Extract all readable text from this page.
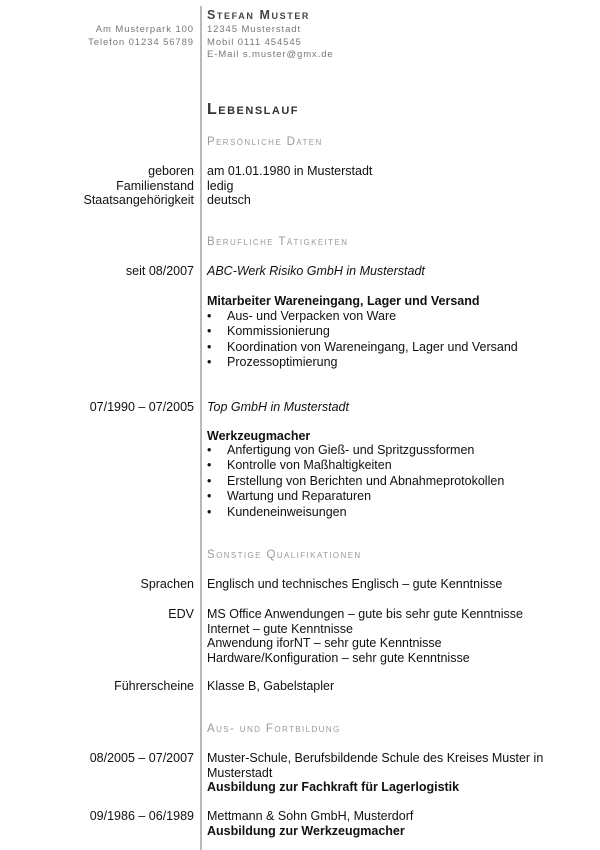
Stefan Muster
Am Musterpark 100
Telefon 01234 56789
12345 Musterstadt
Mobil 0111 454545
E-Mail s.muster@gmx.de
Lebenslauf
Persönliche Daten
geboren am 01.01.1980 in Musterstadt
Familienstand ledig
Staatsangehörigkeit deutsch
Berufliche Tätigkeiten
seit 08/2007 ABC-Werk Risiko GmbH in Musterstadt
Mitarbeiter Wareneingang, Lager und Versand
• Aus- und Verpacken von Ware
• Kommissionierung
• Koordination von Wareneingang, Lager und Versand
• Prozessoptimierung
07/1990 – 07/2005 Top GmbH in Musterstadt
Werkzeugmacher
• Anfertigung von Gieß- und Spritzgussformen
• Kontrolle von Maßhaltigkeiten
• Erstellung von Berichten und Abnahmeprotokollen
• Wartung und Reparaturen
• Kundeneinweisungen
Sonstige Qualifikationen
Sprachen Englisch und technisches Englisch – gute Kenntnisse
EDV MS Office Anwendungen – gute bis sehr gute Kenntnisse
Internet – gute Kenntnisse
Anwendung iforNT – sehr gute Kenntnisse
Hardware/Konfiguration – sehr gute Kenntnisse
Führerscheine Klasse B, Gabelstapler
Aus- und Fortbildung
08/2005 – 07/2007 Muster-Schule, Berufsbildende Schule des Kreises Muster in Musterstadt
Ausbildung zur Fachkraft für Lagerlogistik
09/1986 – 06/1989 Mettmann & Sohn GmbH, Musterdorf
Ausbildung zur Werkzeugmacher
